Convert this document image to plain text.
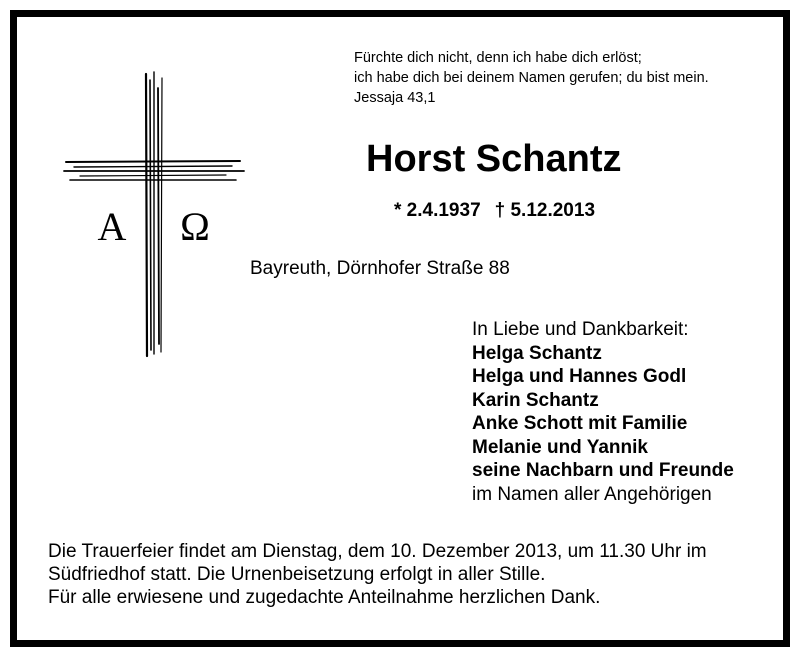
A Ω
Fürchte dich nicht, denn ich habe dich erlöst;
ich habe dich bei deinem Namen gerufen; du bist mein.
Jessaja 43,1
Horst Schantz
* 2.4.1937 † 5.12.2013
Bayreuth, Dörnhofer Straße 88
In Liebe und Dankbarkeit:
Helga Schantz
Helga und Hannes Godl
Karin Schantz
Anke Schott mit Familie
Melanie und Yannik
seine Nachbarn und Freunde
im Namen aller Angehörigen
Die Trauerfeier findet am Dienstag, dem 10. Dezember 2013, um 11.30 Uhr im
Südfriedhof statt. Die Urnenbeisetzung erfolgt in aller Stille.
Für alle erwiesene und zugedachte Anteilnahme herzlichen Dank.
